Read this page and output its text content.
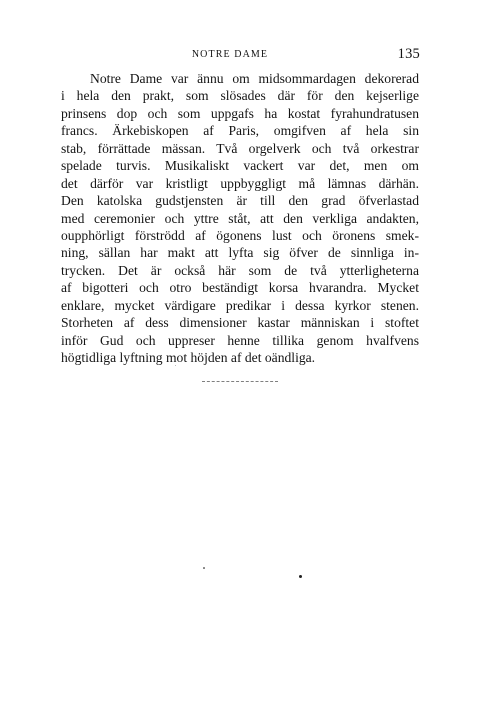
NOTRE DAME	135
Notre Dame var ännu om midsommardagen dekorerad
i hela den prakt, som slösades där för den kejserlige
prinsens dop och som uppgafs ha kostat fyrahundratusen
francs. Ärkebiskopen af Paris, omgifven af hela sin
stab, förrättade mässan. Två orgelverk och två orkestrar
spelade turvis. Musikaliskt vackert var det, men om
det därför var kristligt uppbyggligt må lämnas därhän.
Den katolska gudstjensten är till den grad öfverlastad
med ceremonier och yttre ståt, att den verkliga andakten,
oupphörligt förströdd af ögonens lust och öronens smek-
ning, sällan har makt att lyfta sig öfver de sinnliga in-
trycken. Det är också här som de två ytterligheterna
af bigotteri och otro beständigt korsa hvarandra. Mycket
enklare, mycket värdigare predikar i dessa kyrkor stenen.
Storheten af dess dimensioner kastar människan i stoftet
inför Gud och uppreser henne tillika genom hvalfvens
högtidliga lyftning mot höjden af det oändliga.
